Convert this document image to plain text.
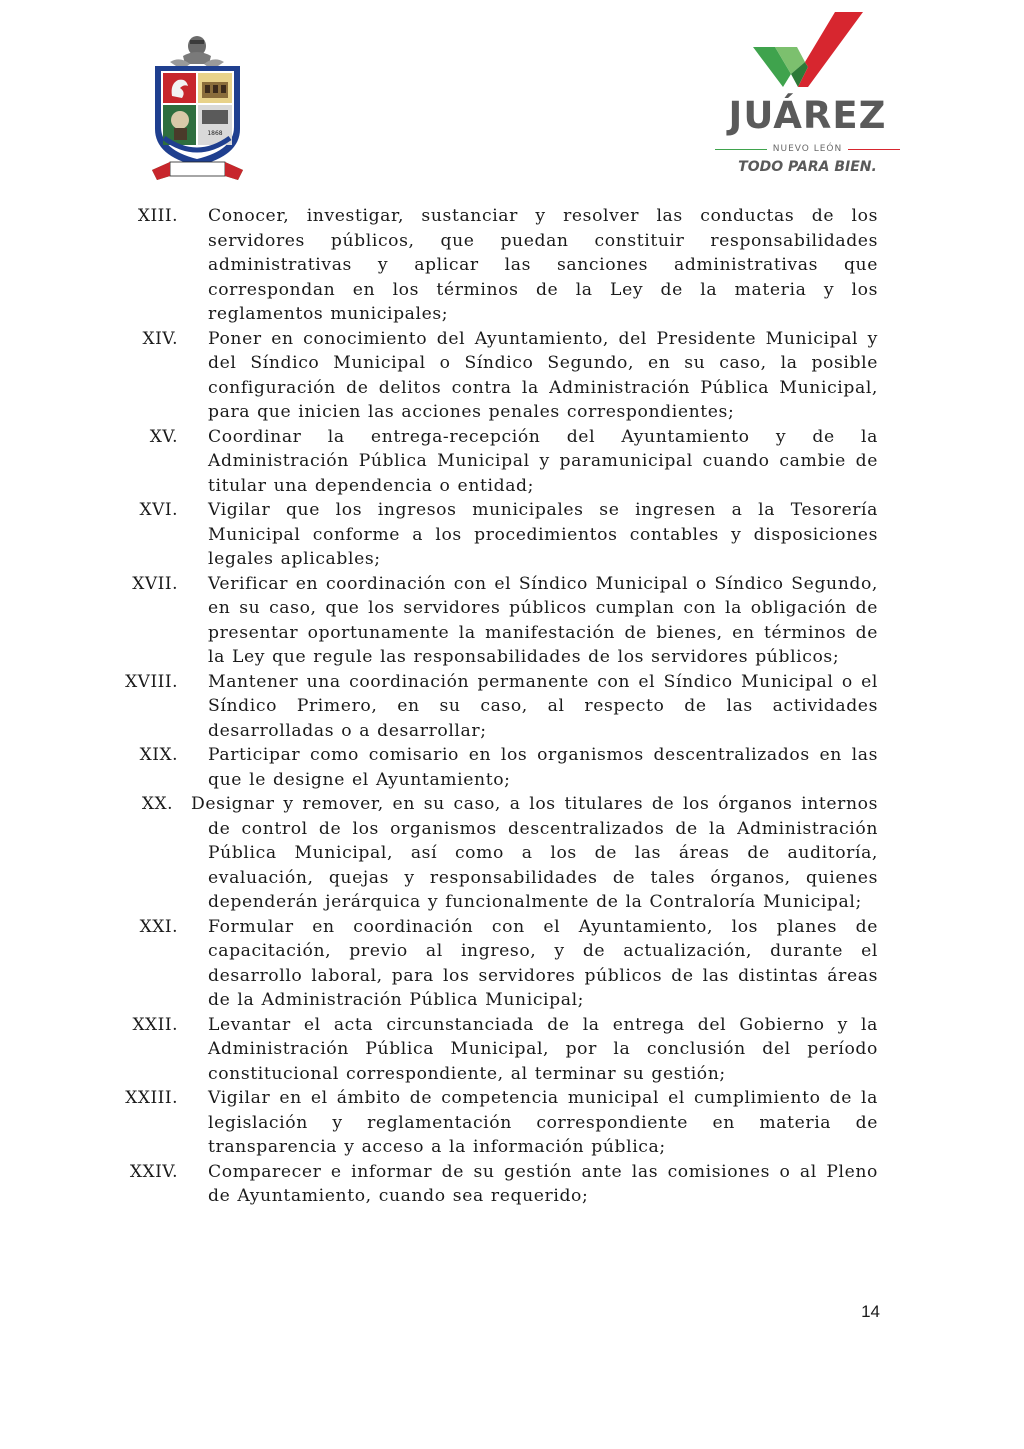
1868	JUÁREZ
NUEVO LEÓN
TODO PARA BIEN.
XIII. Conocer, investigar, sustanciar y resolver las conductas de los servidores públicos, que puedan constituir responsabilidades administrativas y aplicar las sanciones administrativas que correspondan en los términos de la Ley de la materia y los reglamentos municipales;

XIV. Poner en conocimiento del Ayuntamiento, del Presidente Municipal y del Síndico Municipal o Síndico Segundo, en su caso, la posible configuración de delitos contra la Administración Pública Municipal, para que inicien las acciones penales correspondientes;

XV. Coordinar la entrega-recepción del Ayuntamiento y de la Administración Pública Municipal y paramunicipal cuando cambie de titular una dependencia o entidad;

XVI. Vigilar que los ingresos municipales se ingresen a la Tesorería Municipal conforme a los procedimientos contables y disposiciones legales aplicables;

XVII. Verificar en coordinación con el Síndico Municipal o Síndico Segundo, en su caso, que los servidores públicos cumplan con la obligación de presentar oportunamente la manifestación de bienes, en términos de la Ley que regule las responsabilidades de los servidores públicos;

XVIII. Mantener una coordinación permanente con el Síndico Municipal o el Síndico Primero, en su caso, al respecto de las actividades desarrolladas o a desarrollar;

XIX. Participar como comisario en los organismos descentralizados en las que le designe el Ayuntamiento;

XX. Designar y remover, en su caso, a los titulares de los órganos internos de control de los organismos descentralizados de la Administración Pública Municipal, así como a los de las áreas de auditoría, evaluación, quejas y responsabilidades de tales órganos, quienes dependerán jerárquica y funcionalmente de la Contraloría Municipal;

XXI. Formular en coordinación con el Ayuntamiento, los planes de capacitación, previo al ingreso, y de actualización, durante el desarrollo laboral, para los servidores públicos de las distintas áreas de la Administración Pública Municipal;

XXII. Levantar el acta circunstanciada de la entrega del Gobierno y la Administración Pública Municipal, por la conclusión del período constitucional correspondiente, al terminar su gestión;

XXIII. Vigilar en el ámbito de competencia municipal el cumplimiento de la legislación y reglamentación correspondiente en materia de transparencia y acceso a la información pública;

XXIV. Comparecer e informar de su gestión ante las comisiones o al Pleno de Ayuntamiento, cuando sea requerido;

14
